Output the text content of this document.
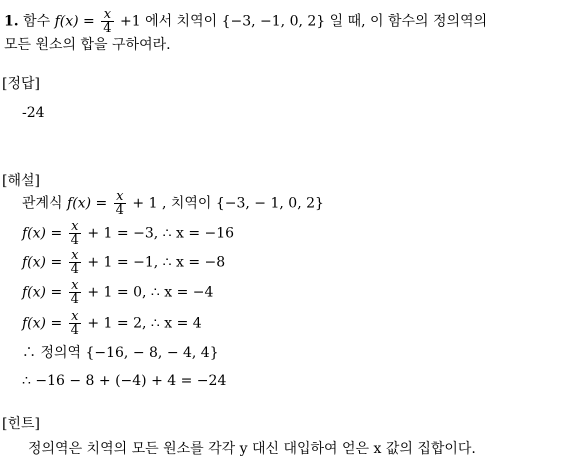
1. 함수 $f(x) = \frac{x}{4} +1$ 에서 치역이 {−3, −1, 0, 2} 일 때, 이 함수의 정의역의
모든 원소의 합을 구하여라.
[정답]
-24
[해설]
관계식 $f(x) = \frac{x}{4} + 1$ , 치역이 {−3, − 1, 0, 2}
$f(x) = \frac{x}{4} + 1 = -3$, ∴ x = −16
$f(x) = \frac{x}{4} + 1 = -1$, ∴ x = −8
$f(x) = \frac{x}{4} + 1 = 0$, ∴ x = −4
$f(x) = \frac{x}{4} + 1 = 2$, ∴ x = 4
∴ 정의역 {−16, − 8, − 4, 4}
∴ −16 − 8 + (−4) + 4 = −24
[힌트]
정의역은 치역의 모든 원소를 각각 y 대신 대입하여 얻은 x 값의 집합이다.
